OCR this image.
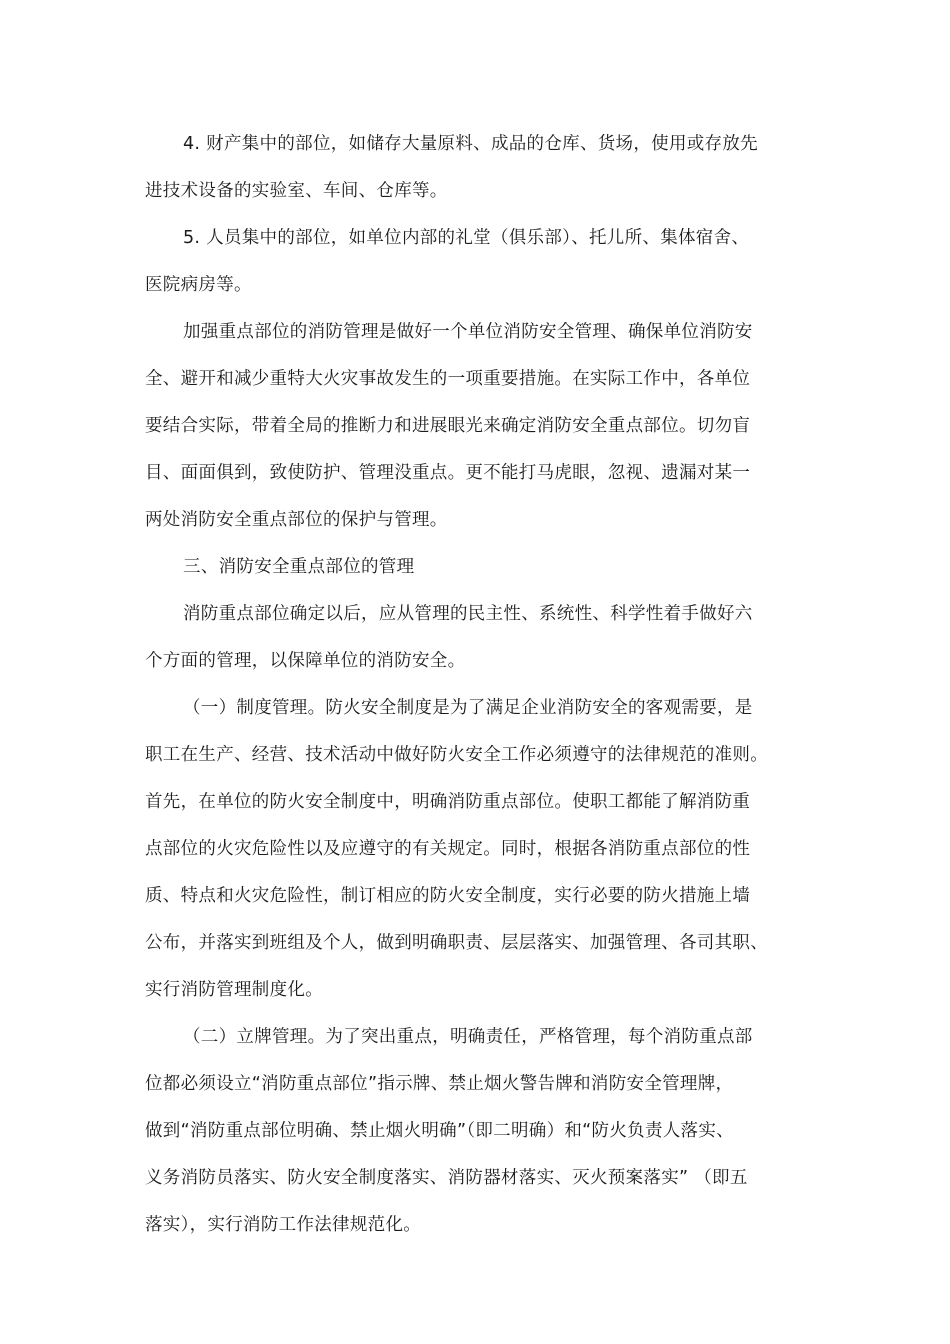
4. 财产集中的部位，如储存大量原料、成品的仓库、货场，使用或存放先
进技术设备的实验室、车间、仓库等。
5. 人员集中的部位，如单位内部的礼堂（俱乐部）、托儿所、集体宿舍、
医院病房等。
加强重点部位的消防管理是做好一个单位消防安全管理、确保单位消防安
全、避开和减少重特大火灾事故发生的一项重要措施。在实际工作中，各单位
要结合实际，带着全局的推断力和进展眼光来确定消防安全重点部位。切勿盲
目、面面俱到，致使防护、管理没重点。更不能打马虎眼，忽视、遗漏对某一
两处消防安全重点部位的保护与管理。
三、消防安全重点部位的管理
消防重点部位确定以后，应从管理的民主性、系统性、科学性着手做好六
个方面的管理，以保障单位的消防安全。
（一）制度管理。防火安全制度是为了满足企业消防安全的客观需要，是
职工在生产、经营、技术活动中做好防火安全工作必须遵守的法律规范的准则。
首先，在单位的防火安全制度中，明确消防重点部位。使职工都能了解消防重
点部位的火灾危险性以及应遵守的有关规定。同时，根据各消防重点部位的性
质、特点和火灾危险性，制订相应的防火安全制度，实行必要的防火措施上墙
公布，并落实到班组及个人，做到明确职责、层层落实、加强管理、各司其职、
实行消防管理制度化。
（二）立牌管理。为了突出重点，明确责任，严格管理，每个消防重点部
位都必须设立“消防重点部位”指示牌、禁止烟火警告牌和消防安全管理牌，
做到“消防重点部位明确、禁止烟火明确”（即二明确）和“防火负责人落实、
义务消防员落实、防火安全制度落实、消防器材落实、灭火预案落实” （即五
落实），实行消防工作法律规范化。
